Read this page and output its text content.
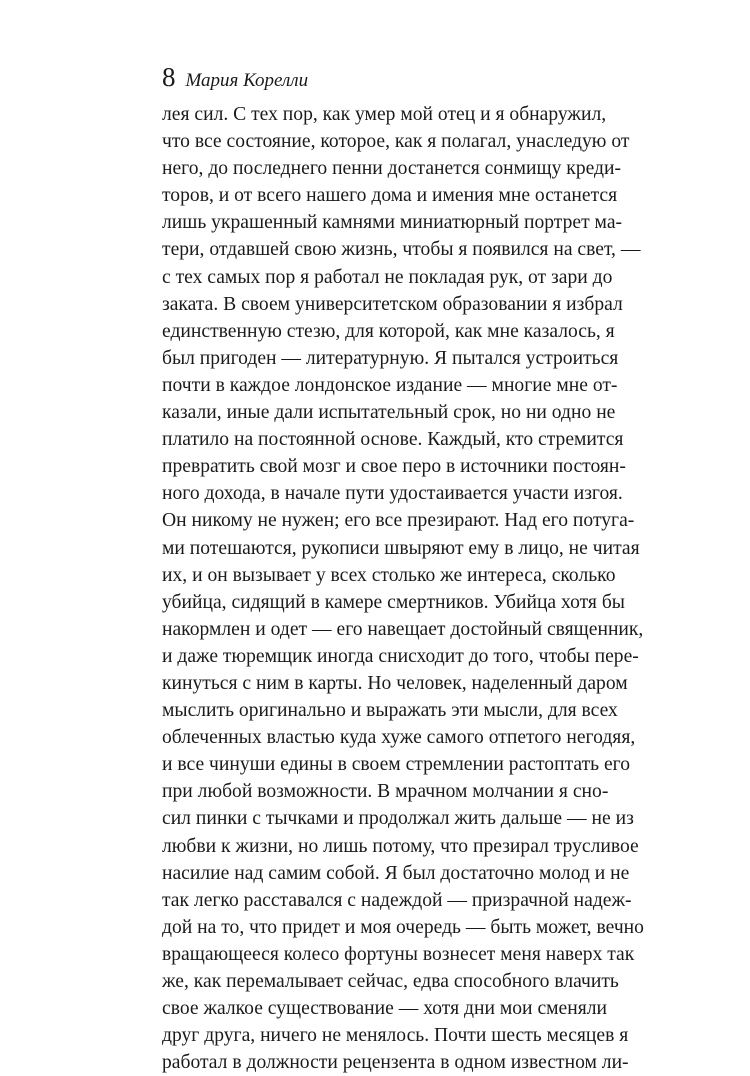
8 Мария Корелли
лея сил. С тех пор, как умер мой отец и я обнаружил,
что все состояние, которое, как я полагал, унаследую от
него, до последнего пенни достанется сонмищу креди-
торов, и от всего нашего дома и имения мне останется
лишь украшенный камнями миниатюрный портрет ма-
тери, отдавшей свою жизнь, чтобы я появился на свет, —
с тех самых пор я работал не покладая рук, от зари до
заката. В своем университетском образовании я избрал
единственную стезю, для которой, как мне казалось, я
был пригоден — литературную. Я пытался устроиться
почти в каждое лондонское издание — многие мне от-
казали, иные дали испытательный срок, но ни одно не
платило на постоянной основе. Каждый, кто стремится
превратить свой мозг и свое перо в источники постоян-
ного дохода, в начале пути удостаивается участи изгоя.
Он никому не нужен; его все презирают. Над его потуга-
ми потешаются, рукописи швыряют ему в лицо, не читая
их, и он вызывает у всех столько же интереса, сколько
убийца, сидящий в камере смертников. Убийца хотя бы
накормлен и одет — его навещает достойный священник,
и даже тюремщик иногда снисходит до того, чтобы пере-
кинуться с ним в карты. Но человек, наделенный даром
мыслить оригинально и выражать эти мысли, для всех
облеченных властью куда хуже самого отпетого негодяя,
и все чинуши едины в своем стремлении растоптать его
при любой возможности. В мрачном молчании я сно-
сил пинки с тычками и продолжал жить дальше — не из
любви к жизни, но лишь потому, что презирал трусливое
насилие над самим собой. Я был достаточно молод и не
так легко расставался с надеждой — призрачной надеж-
дой на то, что придет и моя очередь — быть может, вечно
вращающееся колесо фортуны вознесет меня наверх так
же, как перемалывает сейчас, едва способного влачить
свое жалкое существование — хотя дни мои сменяли
друг друга, ничего не менялось. Почти шесть месяцев я
работал в должности рецензента в одном известном ли-
